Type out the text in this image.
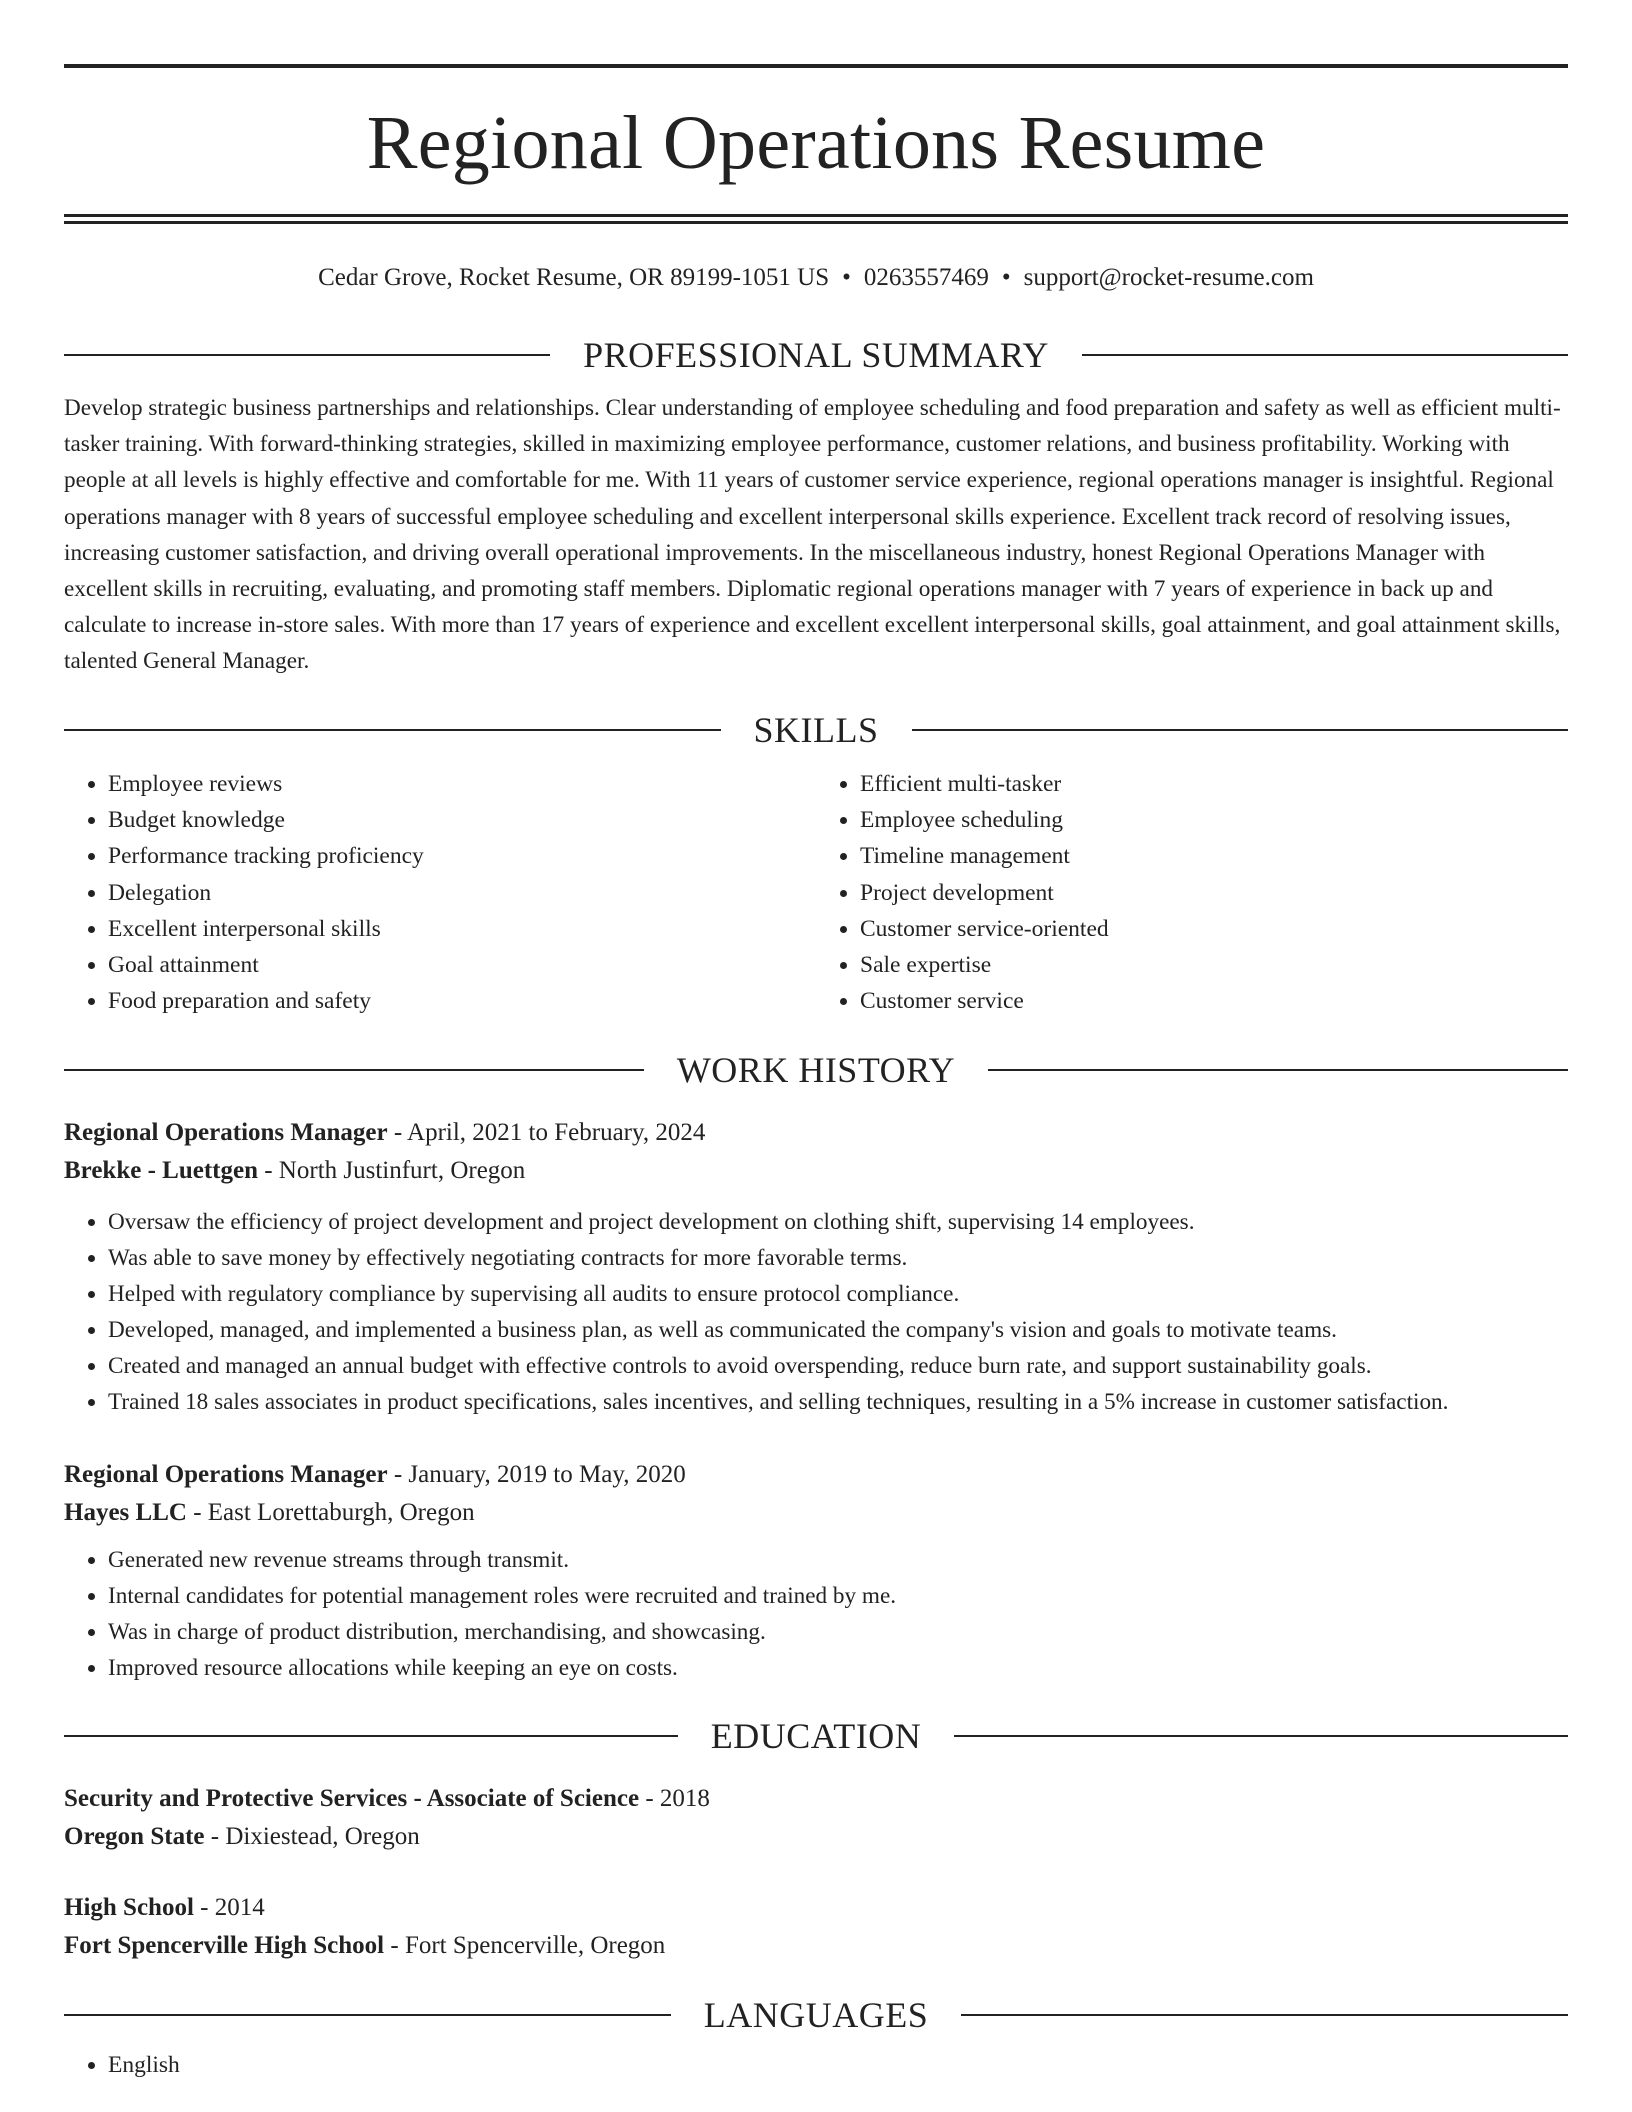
Regional Operations Resume
Cedar Grove, Rocket Resume, OR 89199-1051 US • 0263557469 • support@rocket-resume.com
PROFESSIONAL SUMMARY

Develop strategic business partnerships and relationships. Clear understanding of employee scheduling and food preparation and safety as well as efficient multi-tasker training. With forward-thinking strategies, skilled in maximizing employee performance, customer relations, and business profitability. Working with people at all levels is highly effective and comfortable for me. With 11 years of customer service experience, regional operations manager is insightful. Regional operations manager with 8 years of successful employee scheduling and excellent interpersonal skills experience. Excellent track record of resolving issues, increasing customer satisfaction, and driving overall operational improvements. In the miscellaneous industry, honest Regional Operations Manager with excellent skills in recruiting, evaluating, and promoting staff members. Diplomatic regional operations manager with 7 years of experience in back up and calculate to increase in-store sales. With more than 17 years of experience and excellent excellent interpersonal skills, goal attainment, and goal attainment skills, talented General Manager.

SKILLS
• Employee reviews
• Budget knowledge
• Performance tracking proficiency
• Delegation
• Excellent interpersonal skills
• Goal attainment
• Food preparation and safety
• Efficient multi-tasker
• Employee scheduling
• Timeline management
• Project development
• Customer service-oriented
• Sale expertise
• Customer service
WORK HISTORY
Regional Operations Manager - April, 2021 to February, 2024
Brekke - Luettgen - North Justinfurt, Oregon
• Oversaw the efficiency of project development and project development on clothing shift, supervising 14 employees.
• Was able to save money by effectively negotiating contracts for more favorable terms.
• Helped with regulatory compliance by supervising all audits to ensure protocol compliance.
• Developed, managed, and implemented a business plan, as well as communicated the company's vision and goals to motivate teams.
• Created and managed an annual budget with effective controls to avoid overspending, reduce burn rate, and support sustainability goals.
• Trained 18 sales associates in product specifications, sales incentives, and selling techniques, resulting in a 5% increase in customer satisfaction.
Regional Operations Manager - January, 2019 to May, 2020
Hayes LLC - East Lorettaburgh, Oregon
• Generated new revenue streams through transmit.
• Internal candidates for potential management roles were recruited and trained by me.
• Was in charge of product distribution, merchandising, and showcasing.
• Improved resource allocations while keeping an eye on costs.
EDUCATION
Security and Protective Services - Associate of Science - 2018
Oregon State - Dixiestead, Oregon
High School - 2014
Fort Spencerville High School - Fort Spencerville, Oregon
LANGUAGES
• English
